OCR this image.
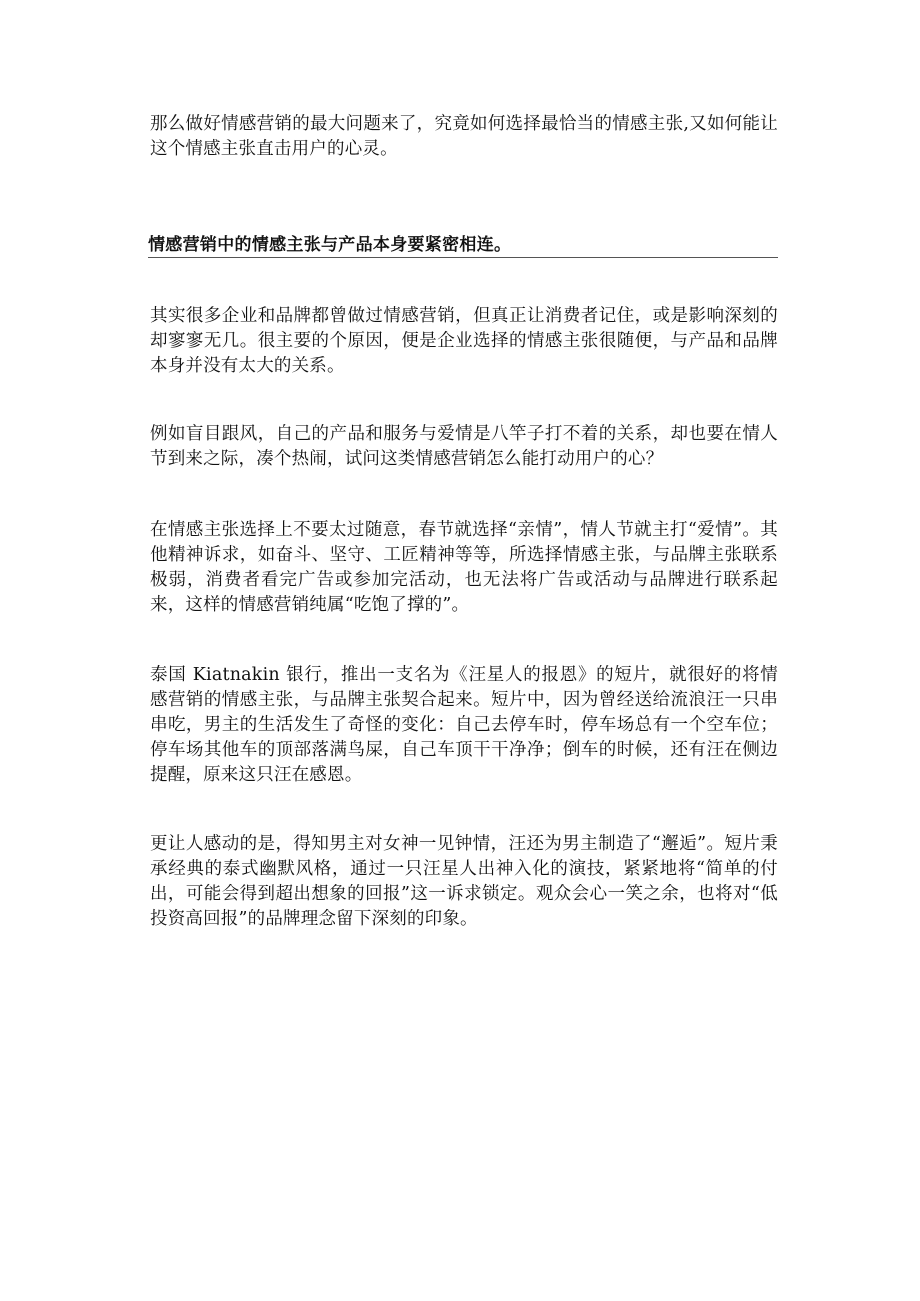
那么做好情感营销的最大问题来了，究竟如何选择最恰当的情感主张,又如何能让这个情感主张直击用户的心灵。

情感营销中的情感主张与产品本身要紧密相连。

其实很多企业和品牌都曾做过情感营销，但真正让消费者记住，或是影响深刻的却寥寥无几。很主要的个原因，便是企业选择的情感主张很随便，与产品和品牌本身并没有太大的关系。

例如盲目跟风，自己的产品和服务与爱情是八竿子打不着的关系，却也要在情人节到来之际，凑个热闹，试问这类情感营销怎么能打动用户的心？

在情感主张选择上不要太过随意，春节就选择“亲情”，情人节就主打“爱情”。其他精神诉求，如奋斗、坚守、工匠精神等等，所选择情感主张，与品牌主张联系极弱，消费者看完广告或参加完活动，也无法将广告或活动与品牌进行联系起来，这样的情感营销纯属“吃饱了撑的”。

泰国 Kiatnakin 银行，推出一支名为《汪星人的报恩》的短片，就很好的将情感营销的情感主张，与品牌主张契合起来。短片中，因为曾经送给流浪汪一只串串吃，男主的生活发生了奇怪的变化：自己去停车时，停车场总有一个空车位；停车场其他车的顶部落满鸟屎，自己车顶干干净净；倒车的时候，还有汪在侧边提醒，原来这只汪在感恩。

更让人感动的是，得知男主对女神一见钟情，汪还为男主制造了“邂逅”。短片秉承经典的泰式幽默风格，通过一只汪星人出神入化的演技，紧紧地将“简单的付出，可能会得到超出想象的回报”这一诉求锁定。观众会心一笑之余，也将对“低投资高回报”的品牌理念留下深刻的印象。
